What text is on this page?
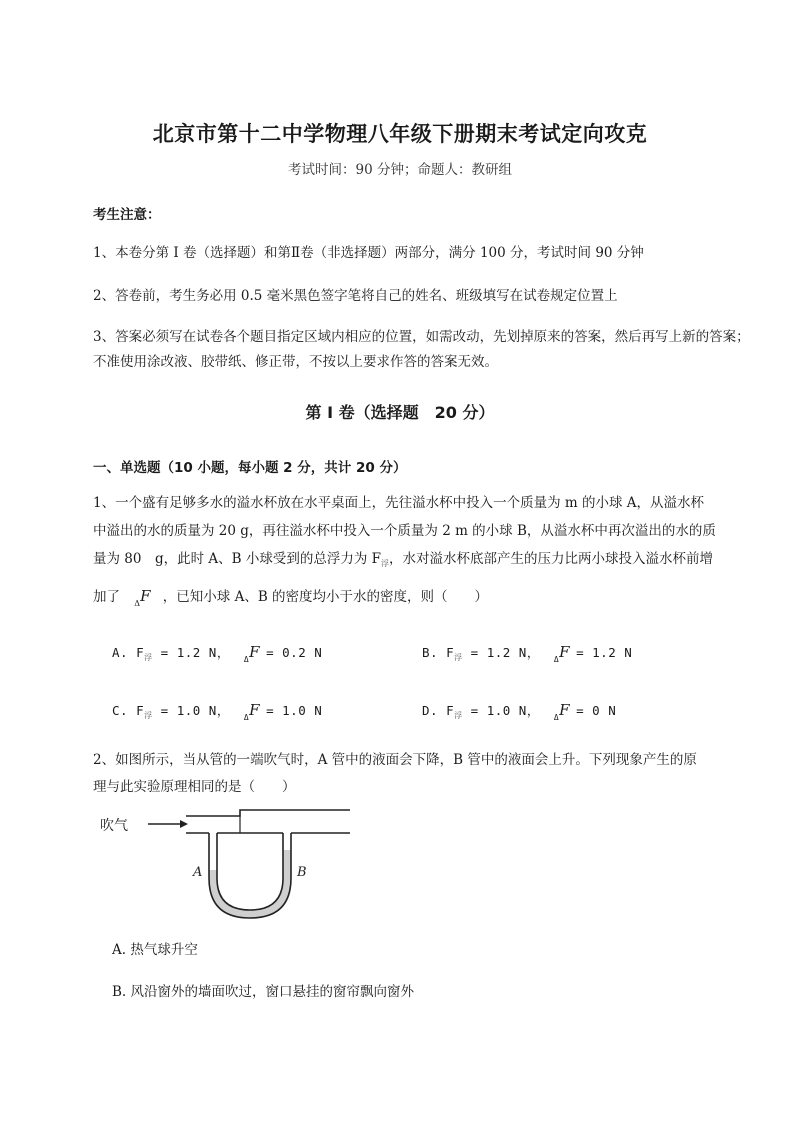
北京市第十二中学物理八年级下册期末考试定向攻克
考试时间：90 分钟；命题人：教研组
考生注意：
1、本卷分第 I 卷（选择题）和第Ⅱ卷（非选择题）两部分，满分 100 分，考试时间 90 分钟
2、答卷前，考生务必用 0.5 毫米黑色签字笔将自己的姓名、班级填写在试卷规定位置上
3、答案必须写在试卷各个题目指定区域内相应的位置，如需改动，先划掉原来的答案，然后再写上新的答案；不准使用涂改液、胶带纸、修正带，不按以上要求作答的答案无效。
第 I 卷（选择题　20 分）
一、单选题（10 小题，每小题 2 分，共计 20 分）
1、一个盛有足够多水的溢水杯放在水平桌面上，先往溢水杯中投入一个质量为 m 的小球 A，从溢水杯
中溢出的水的质量为 20 g，再往溢水杯中投入一个质量为 2 m 的小球 B，从溢水杯中再次溢出的水的质
量为 80　g，此时 A、B 小球受到的总浮力为 $F_浮$，水对溢水杯底部产生的压力比两小球投入溢水杯前增
加了 $_\Delta$F ，已知小球 A、B 的密度均小于水的密度，则（　　）
A. $F_浮 = 1.2$ N， $_\Delta$F = 0.2 N	B. $F_浮 = 1.2$ N， $_\Delta$F = 1.2 N
C. $F_浮 = 1.0$ N， $_\Delta$F = 1.0 N	D. $F_浮 = 1.0$ N， $_\Delta$F = 0 N
2、如图所示，当从管的一端吹气时，A 管中的液面会下降，B 管中的液面会上升。下列现象产生的原
理与此实验原理相同的是（　　）
吹气
A	B
A. 热气球升空
B. 风沿窗外的墙面吹过，窗口悬挂的窗帘飘向窗外
